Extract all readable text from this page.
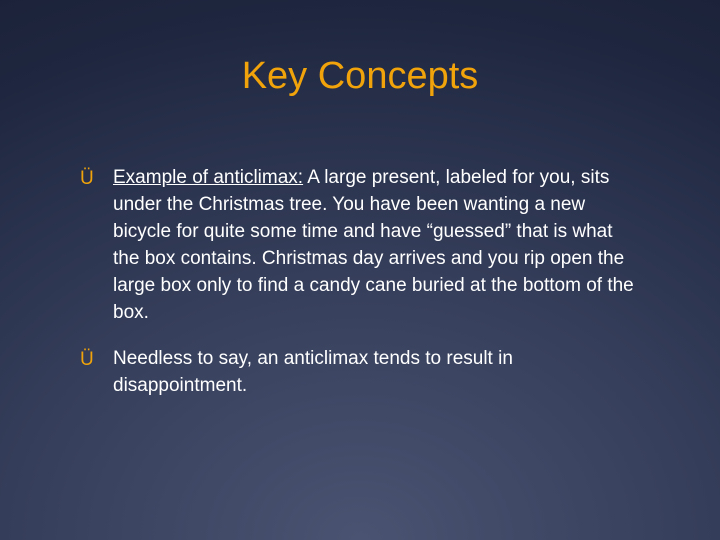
Key Concepts
Ü Example of anticlimax: A large present, labeled for you, sits under the Christmas tree. You have been wanting a new bicycle for quite some time and have “guessed” that is what the box contains. Christmas day arrives and you rip open the large box only to find a candy cane buried at the bottom of the box.
Ü Needless to say, an anticlimax tends to result in disappointment.
